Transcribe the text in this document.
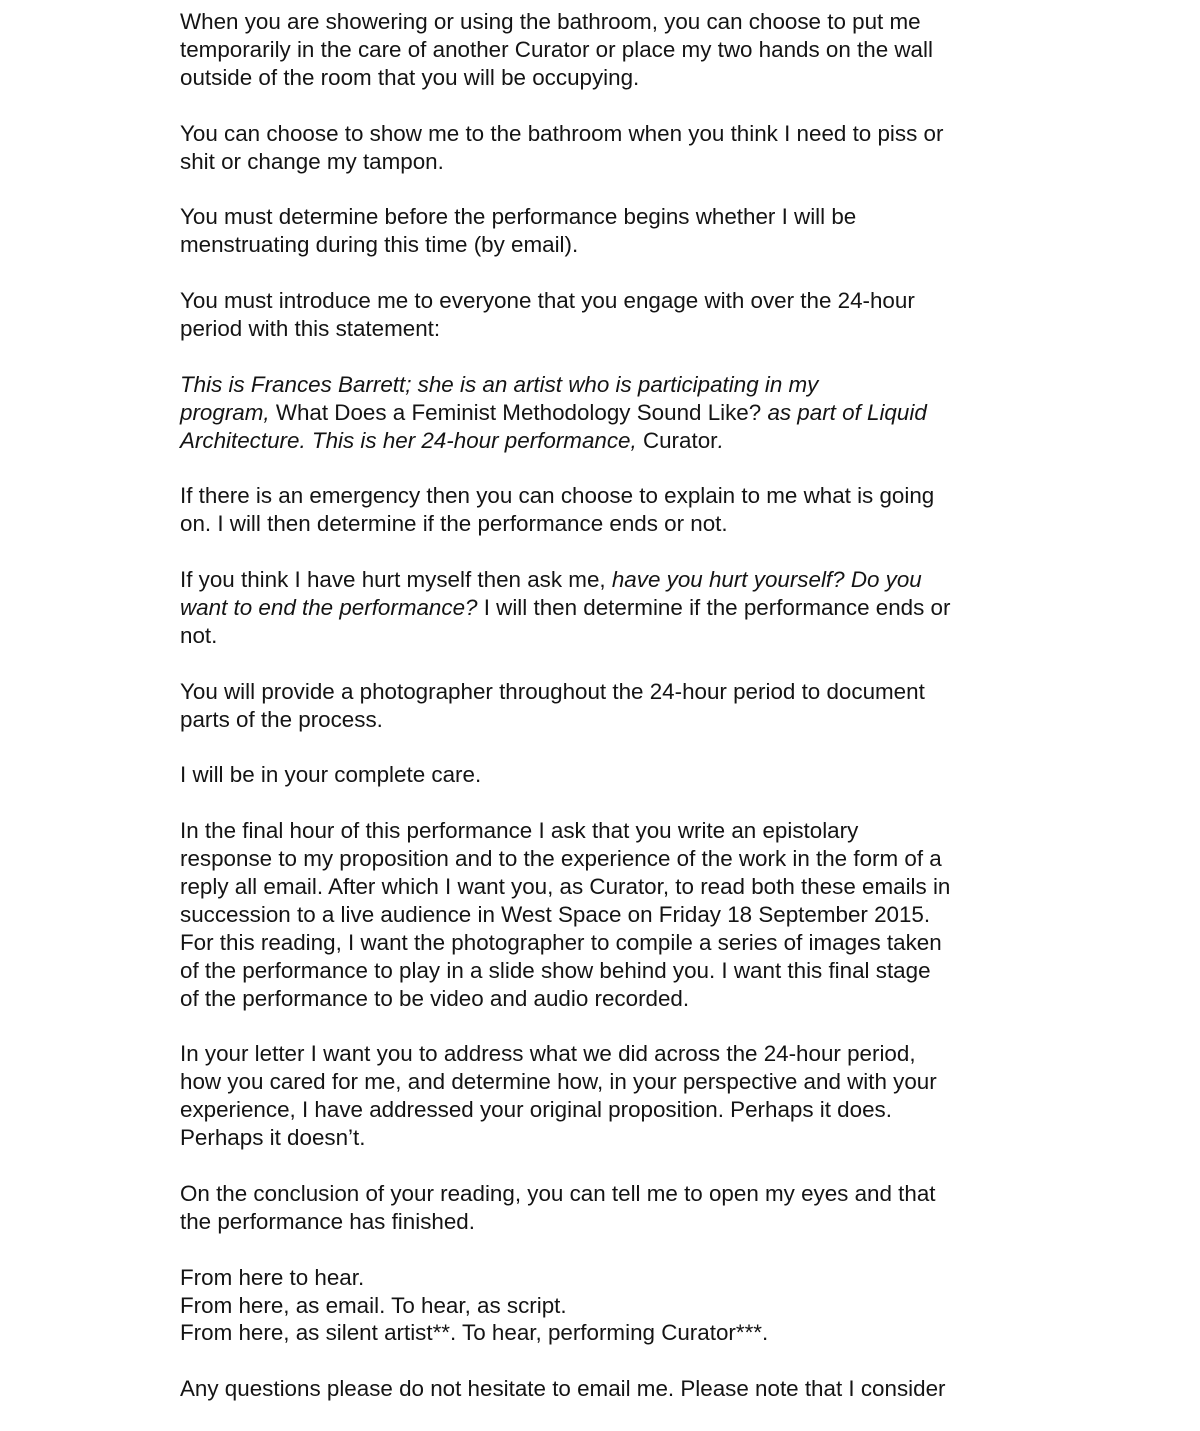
When you are showering or using the bathroom, you can choose to put me
temporarily in the care of another Curator or place my two hands on the wall
outside of the room that you will be occupying.

You can choose to show me to the bathroom when you think I need to piss or
shit or change my tampon.

You must determine before the performance begins whether I will be
menstruating during this time (by email).

You must introduce me to everyone that you engage with over the 24-hour
period with this statement:

This is Frances Barrett; she is an artist who is participating in my
program, What Does a Feminist Methodology Sound Like? as part of Liquid
Architecture. This is her 24-hour performance, Curator.

If there is an emergency then you can choose to explain to me what is going
on. I will then determine if the performance ends or not.

If you think I have hurt myself then ask me, have you hurt yourself? Do you
want to end the performance? I will then determine if the performance ends or
not.

You will provide a photographer throughout the 24-hour period to document
parts of the process.

I will be in your complete care.

In the final hour of this performance I ask that you write an epistolary
response to my proposition and to the experience of the work in the form of a
reply all email. After which I want you, as Curator, to read both these emails in
succession to a live audience in West Space on Friday 18 September 2015.
For this reading, I want the photographer to compile a series of images taken
of the performance to play in a slide show behind you. I want this final stage
of the performance to be video and audio recorded.

In your letter I want you to address what we did across the 24-hour period,
how you cared for me, and determine how, in your perspective and with your
experience, I have addressed your original proposition. Perhaps it does.
Perhaps it doesn’t.

On the conclusion of your reading, you can tell me to open my eyes and that
the performance has finished.

From here to hear.
From here, as email. To hear, as script.
From here, as silent artist**. To hear, performing Curator***.

Any questions please do not hesitate to email me. Please note that I consider
